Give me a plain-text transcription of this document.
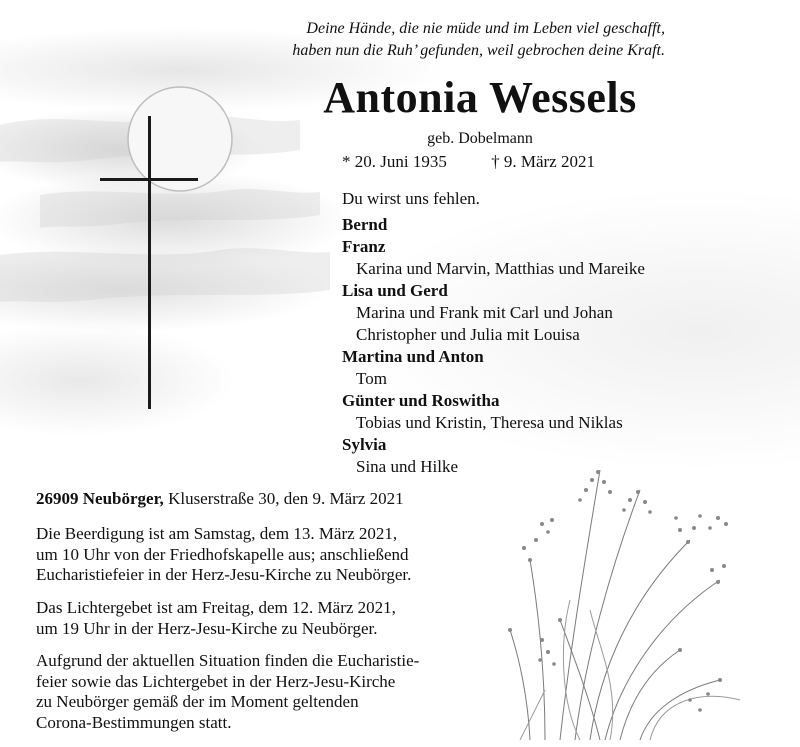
Deine Hände, die nie müde und im Leben viel geschafft,
haben nun die Ruh’ gefunden, weil gebrochen deine Kraft.
Antonia Wessels
geb. Dobelmann
* 20. Juni 1935	† 9. März 2021
Du wirst uns fehlen.
Bernd
Franz
Karina und Marvin, Matthias und Mareike
Lisa und Gerd
Marina und Frank mit Carl und Johan
Christopher und Julia mit Louisa
Martina und Anton
Tom
Günter und Roswitha
Tobias und Kristin, Theresa und Niklas
Sylvia
Sina und Hilke
26909 Neubörger, Kluserstraße 30, den 9. März 2021
Die Beerdigung ist am Samstag, dem 13. März 2021,
um 10 Uhr von der Friedhofskapelle aus; anschließend
Eucharistiefeier in der Herz-Jesu-Kirche zu Neubörger.
Das Lichtergebet ist am Freitag, dem 12. März 2021,
um 19 Uhr in der Herz-Jesu-Kirche zu Neubörger.
Aufgrund der aktuellen Situation finden die Eucharistie-
feier sowie das Lichtergebet in der Herz-Jesu-Kirche
zu Neubörger gemäß der im Moment geltenden
Corona-Bestimmungen statt.
